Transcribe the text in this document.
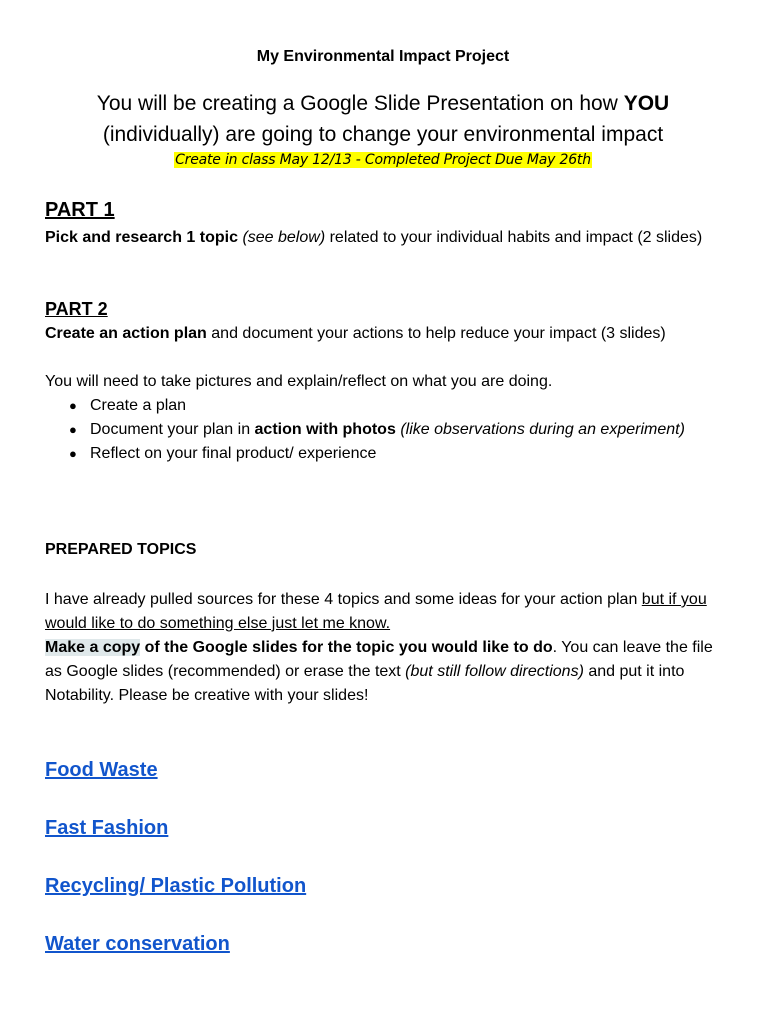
My Environmental Impact Project
You will be creating a Google Slide Presentation on how YOU
(individually) are going to change your environmental impact
Create in class May 12/13 - Completed Project Due May 26th
PART 1
Pick and research 1 topic (see below) related to your individual habits and impact (2 slides)
PART 2
Create an action plan and document your actions to help reduce your impact (3 slides)
You will need to take pictures and explain/reflect on what you are doing.
● Create a plan
● Document your plan in action with photos (like observations during an experiment)
● Reflect on your final product/ experience
PREPARED TOPICS
I have already pulled sources for these 4 topics and some ideas for your action plan but if you would like to do something else just let me know.
Make a copy of the Google slides for the topic you would like to do. You can leave the file as Google slides (recommended) or erase the text (but still follow directions) and put it into Notability. Please be creative with your slides!
Food Waste
Fast Fashion
Recycling/ Plastic Pollution
Water conservation
